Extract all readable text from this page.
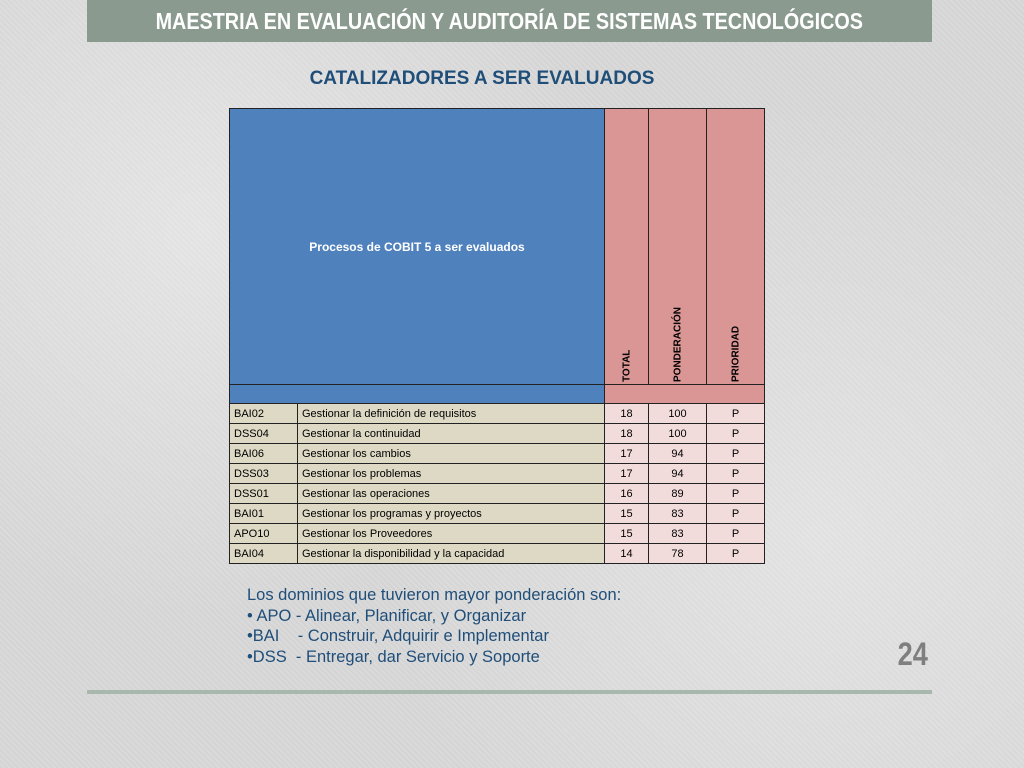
MAESTRIA EN EVALUACIÓN Y AUDITORÍA DE SISTEMAS TECNOLÓGICOS
CATALIZADORES A SER EVALUADOS
Procesos de COBIT 5 a ser evaluados		TOTAL	PONDERACIÓN	PRIORIDAD

BAI02	Gestionar la definición de requisitos	18	100	P
DSS04	Gestionar la continuidad	18	100	P
BAI06	Gestionar los cambios	17	94	P
DSS03	Gestionar los problemas	17	94	P
DSS01	Gestionar las operaciones	16	89	P
BAI01	Gestionar los programas y proyectos	15	83	P
APO10	Gestionar los Proveedores	15	83	P
BAI04	Gestionar la disponibilidad y la capacidad	14	78	P
Los dominios que tuvieron mayor ponderación son:
• APO - Alinear, Planificar, y Organizar
•BAI    - Construir, Adquirir e Implementar
•DSS  - Entregar, dar Servicio y Soporte	24
